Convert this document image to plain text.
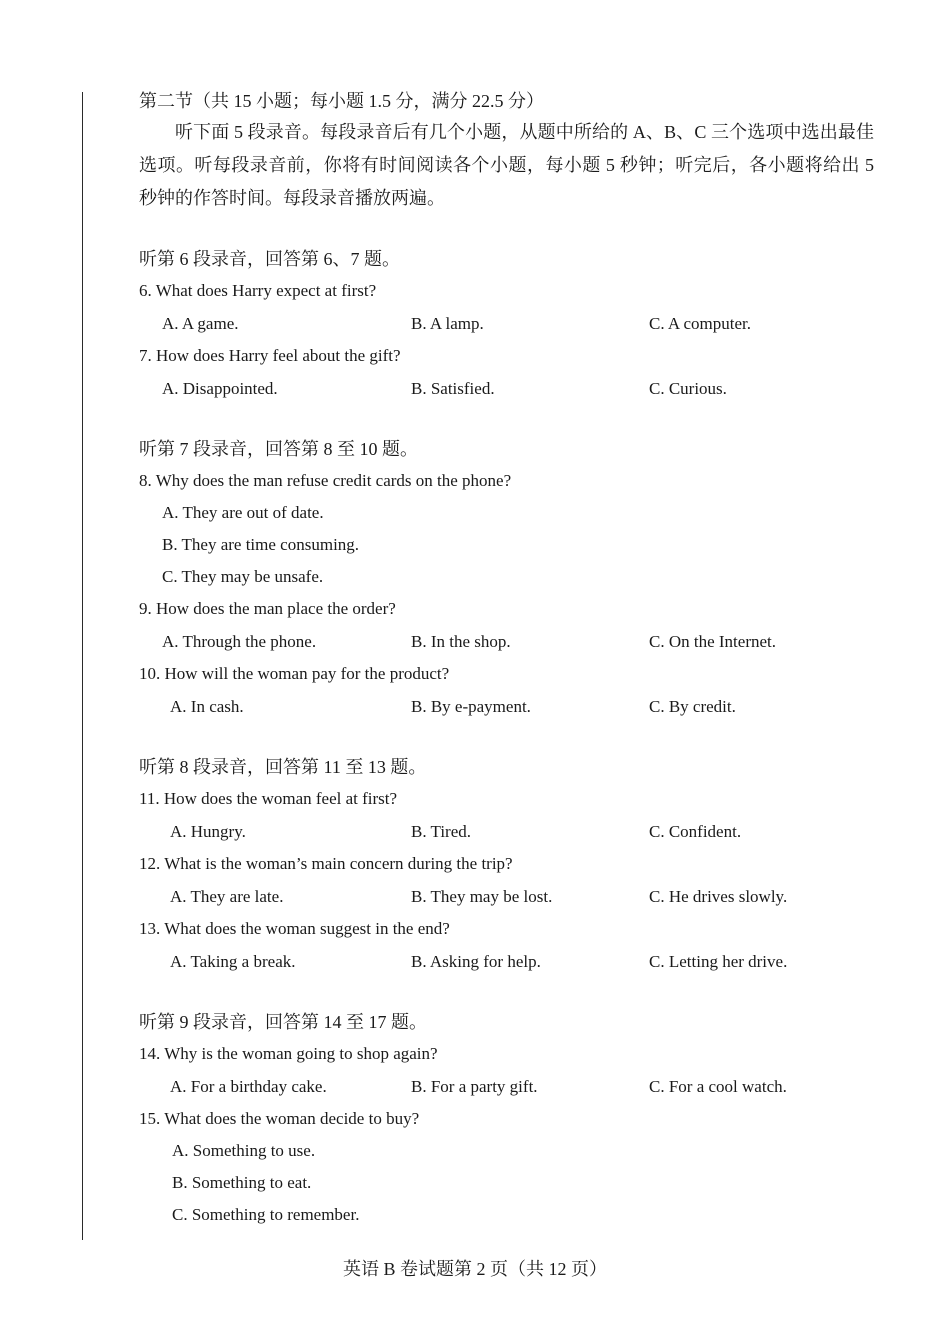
第二节（共 15 小题；每小题 1.5 分，满分 22.5 分）

听下面 5 段录音。每段录音后有几个小题，从题中所给的 A、B、C 三个选项中选出最佳选项。听每段录音前，你将有时间阅读各个小题，每小题 5 秒钟；听完后，各小题将给出 5 秒钟的作答时间。每段录音播放两遍。

听第 6 段录音，回答第 6、7 题。
6. What does Harry expect at first?
A. A game.	B. A lamp.	C. A computer.
7. How does Harry feel about the gift?
A. Disappointed.	B. Satisfied.	C. Curious.
听第 7 段录音，回答第 8 至 10 题。
8. Why does the man refuse credit cards on the phone?
A. They are out of date.
B. They are time consuming.
C. They may be unsafe.
9. How does the man place the order?
A. Through the phone.	B. In the shop.	C. On the Internet.
10. How will the woman pay for the product?
A. In cash.	B. By e-payment.	C. By credit.
听第 8 段录音，回答第 11 至 13 题。
11. How does the woman feel at first?
A. Hungry.	B. Tired.	C. Confident.
12. What is the woman’s main concern during the trip?
A. They are late.	B. They may be lost.	C. He drives slowly.
13. What does the woman suggest in the end?
A. Taking a break.	B. Asking for help.	C. Letting her drive.
听第 9 段录音，回答第 14 至 17 题。
14. Why is the woman going to shop again?
A. For a birthday cake.	B. For a party gift.	C. For a cool watch.
15. What does the woman decide to buy?
A. Something to use.
B. Something to eat.
C. Something to remember.
英语 B 卷试题第 2 页（共 12 页）
